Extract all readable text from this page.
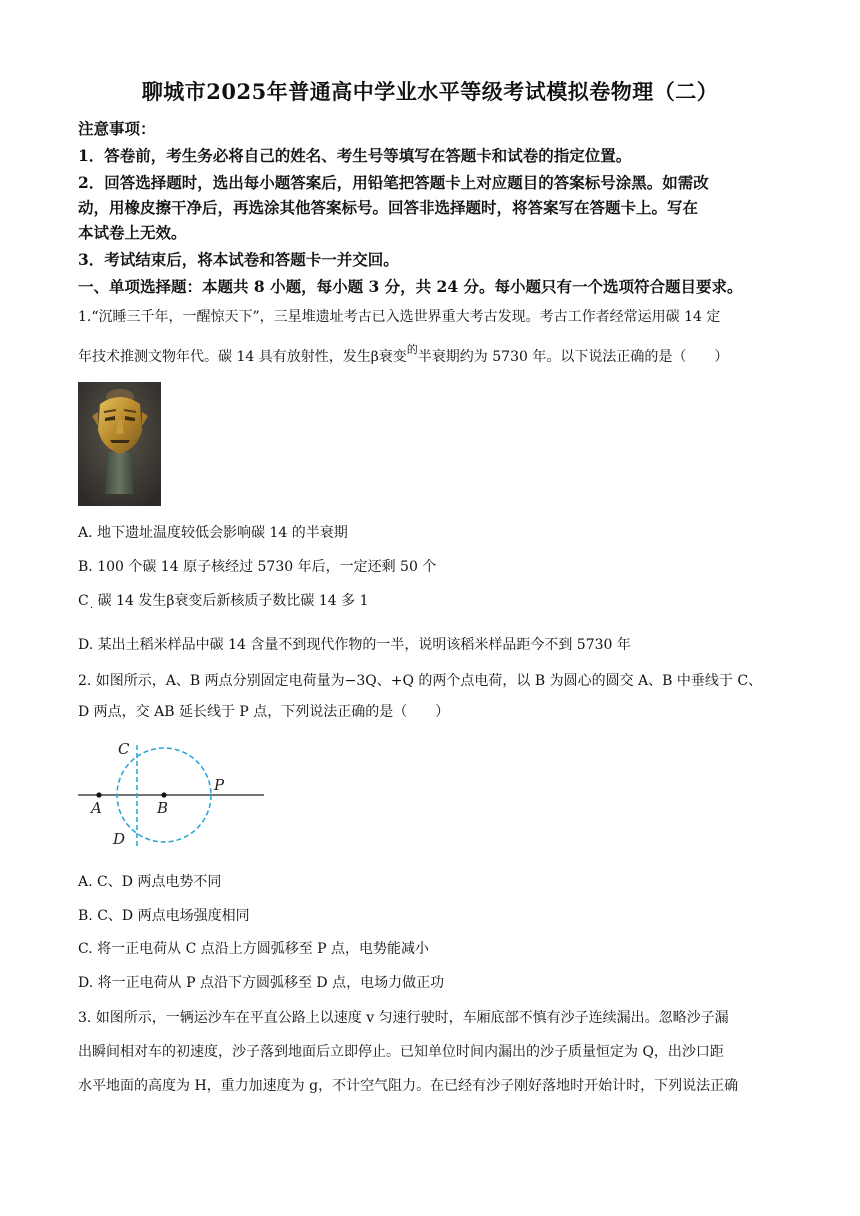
聊城市2025年普通高中学业水平等级考试模拟卷物理（二）
注意事项：
1．答卷前，考生务必将自己的姓名、考生号等填写在答题卡和试卷的指定位置。
2．回答选择题时，选出每小题答案后，用铅笔把答题卡上对应题目的答案标号涂黑。如需改
动，用橡皮擦干净后，再选涂其他答案标号。回答非选择题时，将答案写在答题卡上。写在
本试卷上无效。
3．考试结束后，将本试卷和答题卡一并交回。
一、单项选择题：本题共 8 小题，每小题 3 分，共 24 分。每小题只有一个选项符合题目要求。
1.“沉睡三千年，一醒惊天下”，三星堆遗址考古已入选世界重大考古发现。考古工作者经常运用碳 14 定
年技术推测文物年代。碳 14 具有放射性，发生β衰变$^的$半衰期约为 5730 年。以下说法正确的是（　　）
A. 地下遗址温度较低会影响碳 14 的半衰期
B. 100 个碳 14 原子核经过 5730 年后，一定还剩 50 个
C 碳 14 发生β衰变后新核质子数比碳 14 多 1
·
D. 某出土稻米样品中碳 14 含量不到现代作物的一半，说明该稻米样品距今不到 5730 年
2. 如图所示，A、B 两点分别固定电荷量为−3Q、+Q 的两个点电荷，以 B 为圆心的圆交 A、B 中垂线于 C、
D 两点，交 AB 延长线于 P 点，下列说法正确的是（　　）
C
D
A	B
P
A. C、D 两点电势不同
B. C、D 两点电场强度相同
C. 将一正电荷从 C 点沿上方圆弧移至 P 点，电势能减小
D. 将一正电荷从 P 点沿下方圆弧移至 D 点，电场力做正功
3. 如图所示，一辆运沙车在平直公路上以速度 v 匀速行驶时，车厢底部不慎有沙子连续漏出。忽略沙子漏
出瞬间相对车的初速度，沙子落到地面后立即停止。已知单位时间内漏出的沙子质量恒定为 Q，出沙口距
水平地面的高度为 H，重力加速度为 g，不计空气阻力。在已经有沙子刚好落地时开始计时，下列说法正确
